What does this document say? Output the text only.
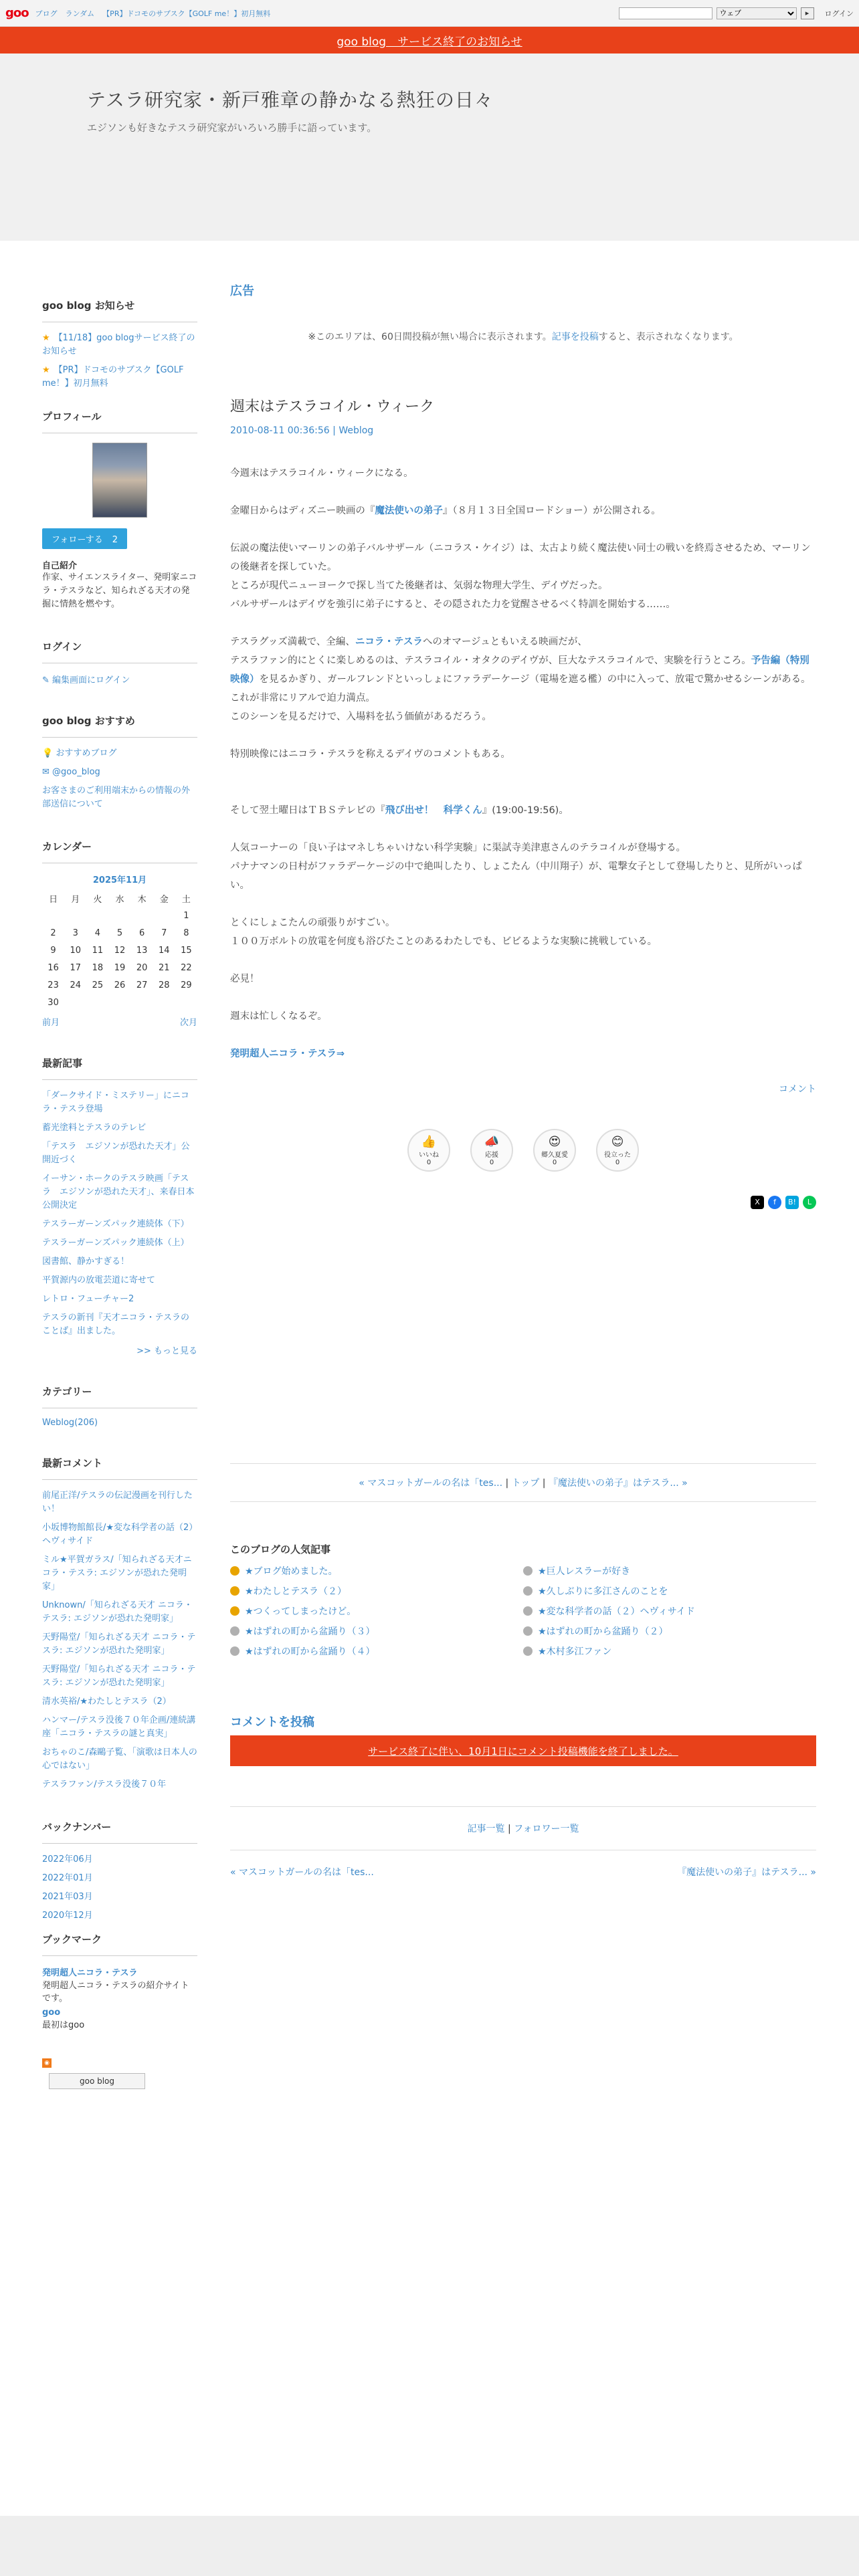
goo ブログ ランダム 【PR】ドコモのサブスク【GOLF me！】初月無料
ウェブ	▸	ログイン
goo blog　サービス終了のお知らせ
テスラ研究家・新戸雅章の静かなる熱狂の日々
エジソンも好きなテスラ研究家がいろいろ勝手に語っています。
goo blog お知らせ
★ 【11/18】goo blogサービス終了のお知らせ
★ 【PR】ドコモのサブスク【GOLF me！】初月無料
プロフィール
フォローする 2
自己紹介
作家、サイエンスライター、発明家ニコラ・テスラなど、知られざる天才の発掘に情熱を燃やす。
ログイン
✎ 編集画面にログイン
goo blog おすすめ
💡 おすすめブログ
✉ @goo_blog
お客さまのご利用端末からの情報の外部送信について
カレンダー
2025年11月
日	月	火	水	木	金	土
						1
2	3	4	5	6	7	8
9	10	11	12	13	14	15
16	17	18	19	20	21	22
23	24	25	26	27	28	29
30						
前月	次月
最新記事
「ダークサイド・ミステリー」にニコラ・テスラ登場
蓄光塗料とテスラのテレビ
「テスラ　エジソンが恐れた天才」公開近づく
イーサン・ホークのテスラ映画「テスラ　エジソンが恐れた天才」、来春日本公開決定
テスラーガーンズパック連続体（下）
テスラーガーンズパック連続体（上）
図書館、静かすぎる！
平賀源内の放電芸道に寄せて
レトロ・フューチャー2
テスラの新刊『天才ニコラ・テスラのことば』出ました。
>> もっと見る
カテゴリー
Weblog(206)
最新コメント
前尾正洋/テスラの伝記漫画を刊行したい！
小坂博物館館長/★変な科学者の話（2）ヘヴィサイド
ミル★平賀ガラス/「知られざる天才ニコラ・テスラ: エジソンが恐れた発明家」
Unknown/「知られざる天才 ニコラ・テスラ: エジソンが恐れた発明家」
天野陽堂/「知られざる天才 ニコラ・テスラ: エジソンが恐れた発明家」
天野陽堂/「知られざる天才 ニコラ・テスラ: エジソンが恐れた発明家」
清水英裕/★わたしとテスラ（2）
ハンマー/テスラ没後７０年企画/連続講座「ニコラ・テスラの謎と真実」
おちゃのこ/森鷗子覧、「演歌は日本人の心ではない」
テスラファン/テスラ没後７０年
バックナンバー
2022年06月
2022年01月
2021年03月
2020年12月
ブックマーク
発明超人ニコラ・テスラ
発明超人ニコラ・テスラの紹介サイトです。
goo
最初はgoo
◉
goo blog
広告
※このエリアは、60日間投稿が無い場合に表示されます。記事を投稿すると、表示されなくなります。
週末はテスラコイル・ウィーク
2010-08-11 00:36:56 | Weblog

今週末はテスラコイル・ウィークになる。

金曜日からはディズニー映画の『魔法使いの弟子』（８月１３日全国ロードショー）が公開される。

伝説の魔法使いマーリンの弟子バルサザール（ニコラス・ケイジ）は、太古より続く魔法使い同士の戦いを終焉させるため、マーリンの後継者を探していた。
ところが現代ニューヨークで探し当てた後継者は、気弱な物理大学生、デイヴだった。
バルサザールはデイヴを強引に弟子にすると、その隠された力を覚醒させるべく特訓を開始する……。

テスラグッズ満載で、全編、ニコラ・テスラへのオマージュともいえる映画だが、
テスラファン的にとくに楽しめるのは、テスラコイル・オタクのデイヴが、巨大なテスラコイルで、実験を行うところ。予告編（特別映像）を見るかぎり、ガールフレンドといっしょにファラデーケージ（電場を遮る檻）の中に入って、放電で驚かせるシーンがある。
これが非常にリアルで迫力満点。
このシーンを見るだけで、入場料を払う価値があるだろう。

特別映像にはニコラ・テスラを称えるデイヴのコメントもある。

そして翌土曜日はＴＢＳテレビの『飛び出せ！　科学くん』(19:00-19:56)。

人気コーナーの「良い子はマネしちゃいけない科学実験」に渠試寺美津恵さんのテラコイルが登場する。
パナナマンの日村がファラデーケージの中で絶叫したり、しょこたん（中川翔子）が、電撃女子として登場したりと、見所がいっぱい。

とくにしょこたんの頑張りがすごい。
１００万ボルトの放電を何度も浴びたことのあるわたしでも、ビビるような実験に挑戦している。

必見！

週末は忙しくなるぞ。

発明超人ニコラ・テスラ⇒

コメント
👍
いいね
0
📣
応援
0
😍
郷久夏愛
0
😊
役立った
0
X	f	B!	L
« マスコットガールの名は「tes... | トップ | 『魔法使いの弟子』はテスラ... »
このブログの人気記事
★ブログ始めました。	★巨人レスラーが好き
★わたしとテスラ（２）	★久しぶりに多江さんのことを
★つくってしまったけど。	★変な科学者の話（２）ヘヴィサイド
★はずれの町から盆踊り（３）	★はずれの町から盆踊り（２）
★はずれの町から盆踊り（４）	★木村多江ファン
コメントを投稿
サービス終了に伴い、10月1日にコメント投稿機能を終了しました。
記事一覧 | フォロワー一覧
« マスコットガールの名は「tes...	『魔法使いの弟子』はテスラ... »
